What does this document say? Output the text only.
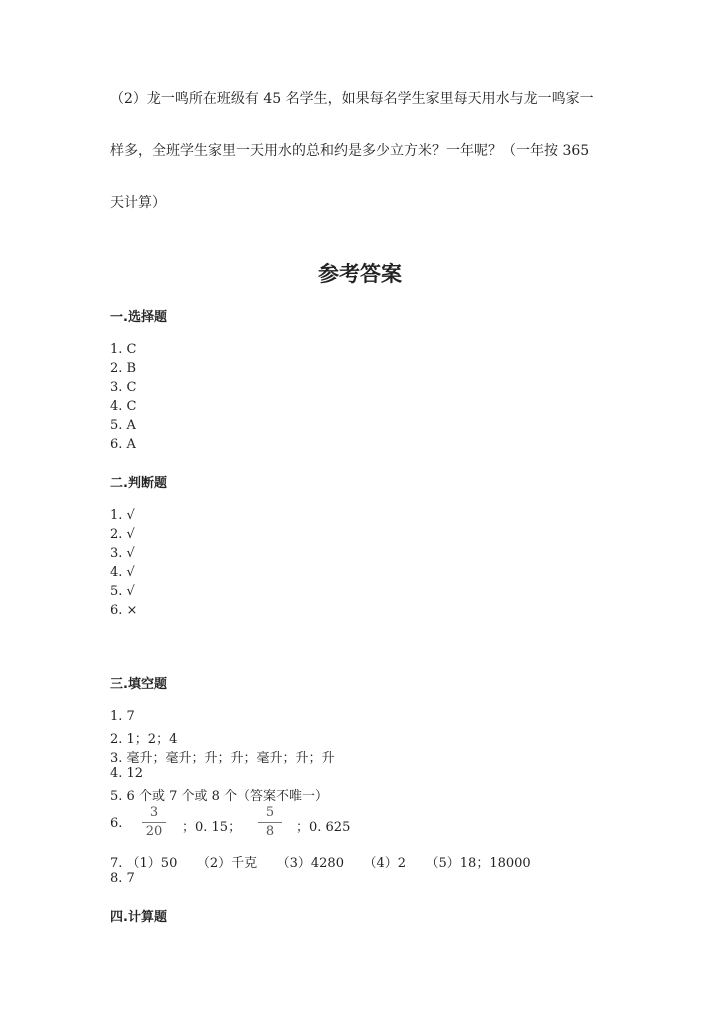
（2）龙一鸣所在班级有 45 名学生，如果每名学生家里每天用水与龙一鸣家一
样多，全班学生家里一天用水的总和约是多少立方米？一年呢？（一年按 365
天计算）
参考答案
一.选择题
1. C
2. B
3. C
4. C
5. A
6. A
二.判断题
1. √
2. √
3. √
4. √
5. √
6. ×
三.填空题
1. 7
2. 1；2；4
3. 毫升；毫升；升；升；毫升；升；升
4. 12
5. 6 个或 7 个或 8 个（答案不唯一）
6.
3
20 ；0. 15；
5
8	；0. 625
7. （1）50　　（2）千克　　（3）4280　　（4）2　　（5）18；18000
8. 7
四.计算题
